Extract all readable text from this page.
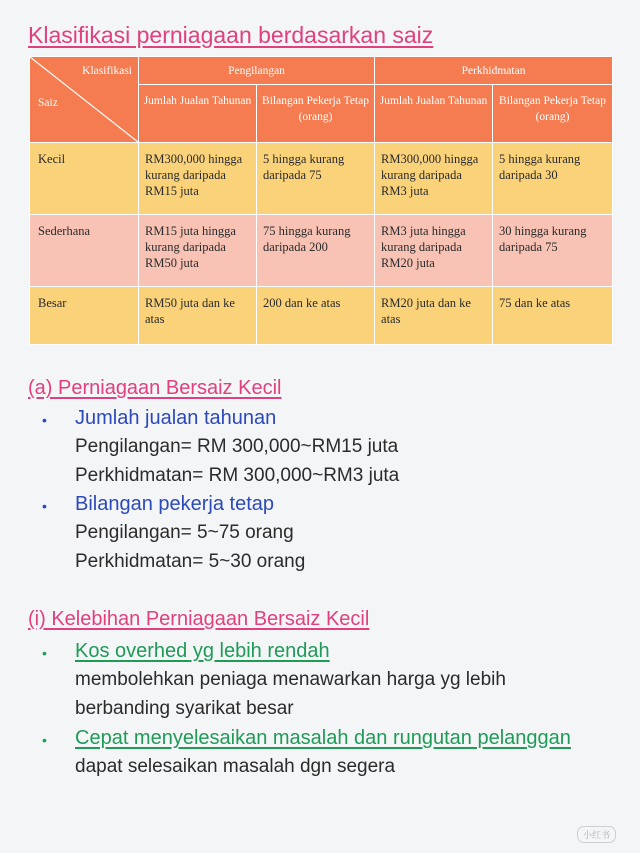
Klasifikasi perniagaan berdasarkan saiz
Klasifikasi
Saiz	Pengilangan		Perkhidmatan	
	Jumlah Jualan Tahunan	Bilangan Pekerja Tetap (orang)	Jumlah Jualan Tahunan	Bilangan Pekerja Tetap (orang)
Kecil	RM300,000 hingga kurang daripada RM15 juta	5 hingga kurang daripada 75	RM300,000 hingga kurang daripada RM3 juta	5 hingga kurang daripada 30
Sederhana	RM15 juta hingga kurang daripada RM50 juta	75 hingga kurang daripada 200	RM3 juta hingga kurang daripada RM20 juta	30 hingga kurang daripada 75
Besar	RM50 juta dan ke atas	200 dan ke atas	RM20 juta dan ke atas	75 dan ke atas
(a) Perniagaan Bersaiz Kecil
• Jumlah jualan tahunan
Pengilangan= RM 300,000~RM15 juta
Perkhidmatan= RM 300,000~RM3 juta
• Bilangan pekerja tetap
Pengilangan= 5~75 orang
Perkhidmatan= 5~30 orang
(i) Kelebihan Perniagaan Bersaiz Kecil
• Kos overhed yg lebih rendah
membolehkan peniaga menawarkan harga yg lebih
berbanding syarikat besar
• Cepat menyelesaikan masalah dan rungutan pelanggan
dapat selesaikan masalah dgn segera
小红书
